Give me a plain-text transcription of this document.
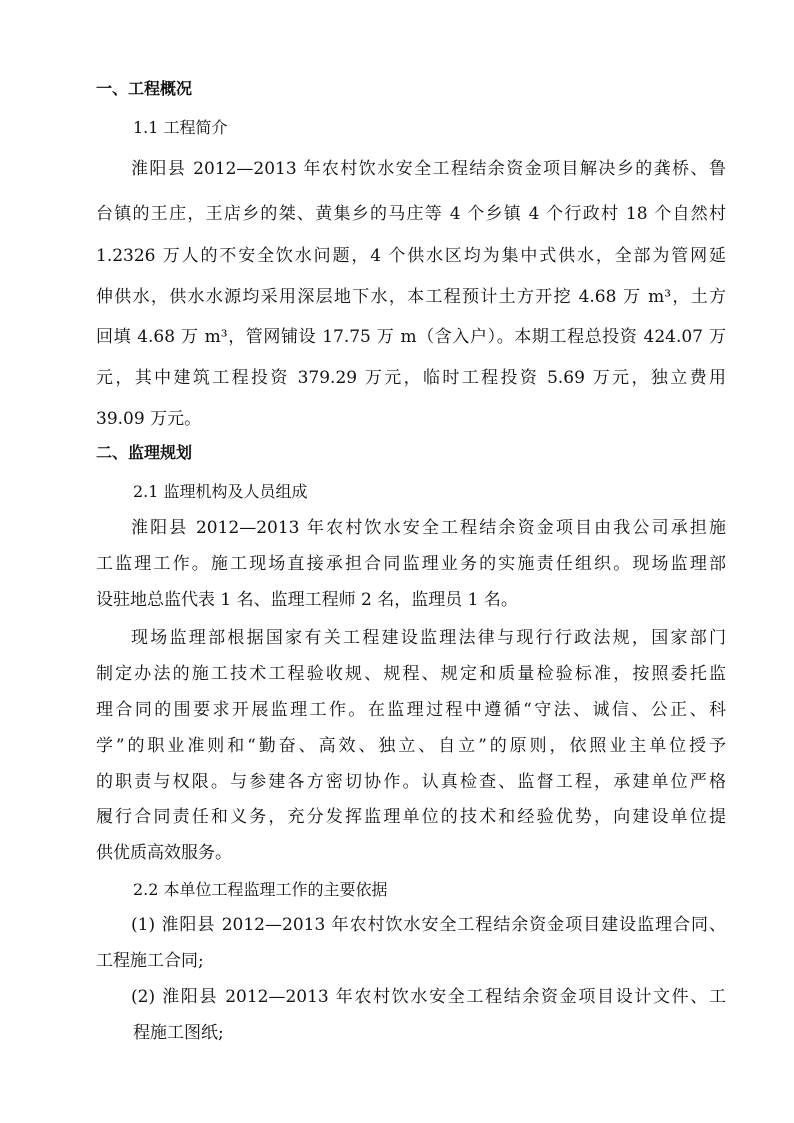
一、工程概况
1.1 工程简介
淮阳县 2012—2013 年农村饮水安全工程结余资金项目解决乡的龚桥、鲁
台镇的王庄，王店乡的桀、黄集乡的马庄等 4 个乡镇 4 个行政村 18 个自然村
1.2326 万人的不安全饮水问题，4 个供水区均为集中式供水，全部为管网延
伸供水，供水水源均采用深层地下水，本工程预计土方开挖 4.68 万 m³，土方
回填 4.68 万 m³，管网铺设 17.75 万 m（含入户）。本期工程总投资 424.07 万
元，其中建筑工程投资 379.29 万元，临时工程投资 5.69 万元，独立费用
39.09 万元。
二、监理规划
2.1 监理机构及人员组成
淮阳县 2012—2013 年农村饮水安全工程结余资金项目由我公司承担施
工监理工作。施工现场直接承担合同监理业务的实施责任组织。现场监理部
设驻地总监代表 1 名、监理工程师 2 名，监理员 1 名。
现场监理部根据国家有关工程建设监理法律与现行行政法规，国家部门
制定办法的施工技术工程验收规、规程、规定和质量检验标准，按照委托监
理合同的围要求开展监理工作。在监理过程中遵循“守法、诚信、公正、科
学”的职业准则和“勤奋、高效、独立、自立”的原则，依照业主单位授予
的职责与权限。与参建各方密切协作。认真检查、监督工程，承建单位严格
履行合同责任和义务，充分发挥监理单位的技术和经验优势，向建设单位提
供优质高效服务。
2.2 本单位工程监理工作的主要依据
(1) 淮阳县 2012—2013 年农村饮水安全工程结余资金项目建设监理合同、
工程施工合同;
(2) 淮阳县 2012—2013 年农村饮水安全工程结余资金项目设计文件、工
程施工图纸;
